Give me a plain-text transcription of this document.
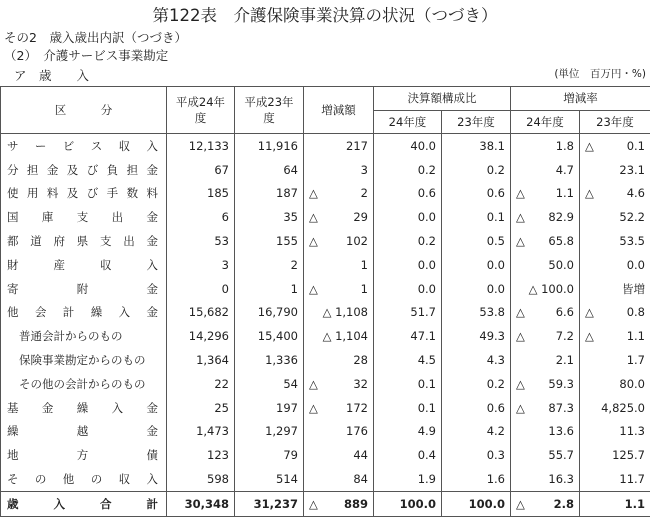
第122表　介護保険事業決算の状況（つづき）
その2　歳入歳出内訳（つづき）
（2）　介護サービス事業勘定
ア　歳　　入	(単位　百万円・%)
区　　　分	平成24年度	平成23年度	増減額	決算額構成比		増減率	
				24年度	23年度	24年度	23年度
サービス収入	12,133	11,916	217	40.0	38.1	1.8	△ 0.1
分担金及び負担金	67	64	3	0.2	0.2	4.7	23.1
使用料及び手数料	185	187	△ 2	0.6	0.6	△ 1.1	△ 4.6
国庫支出金	6	35	△ 29	0.0	0.1	△ 82.9	52.2
都道府県支出金	53	155	△ 102	0.2	0.5	△ 65.8	53.5
財産収入	3	2	1	0.0	0.0	50.0	0.0
寄附金	0	1	△ 1	0.0	0.0	△ 100.0	皆増
他会計繰入金	15,682	16,790	△ 1,108	51.7	53.8	△ 6.6	△ 0.8
普通会計からのもの	14,296	15,400	△ 1,104	47.1	49.3	△ 7.2	△ 1.1
保険事業勘定からのもの	1,364	1,336	28	4.5	4.3	2.1	1.7
その他の会計からのもの	22	54	△ 32	0.1	0.2	△ 59.3	80.0
基金繰入金	25	197	△ 172	0.1	0.6	△ 87.3	4,825.0
繰越金	1,473	1,297	176	4.9	4.2	13.6	11.3
地方債	123	79	44	0.4	0.3	55.7	125.7
その他の収入	598	514	84	1.9	1.6	16.3	11.7
歳入合計	30,348	31,237	△ 889	100.0	100.0	△ 2.8	1.1
